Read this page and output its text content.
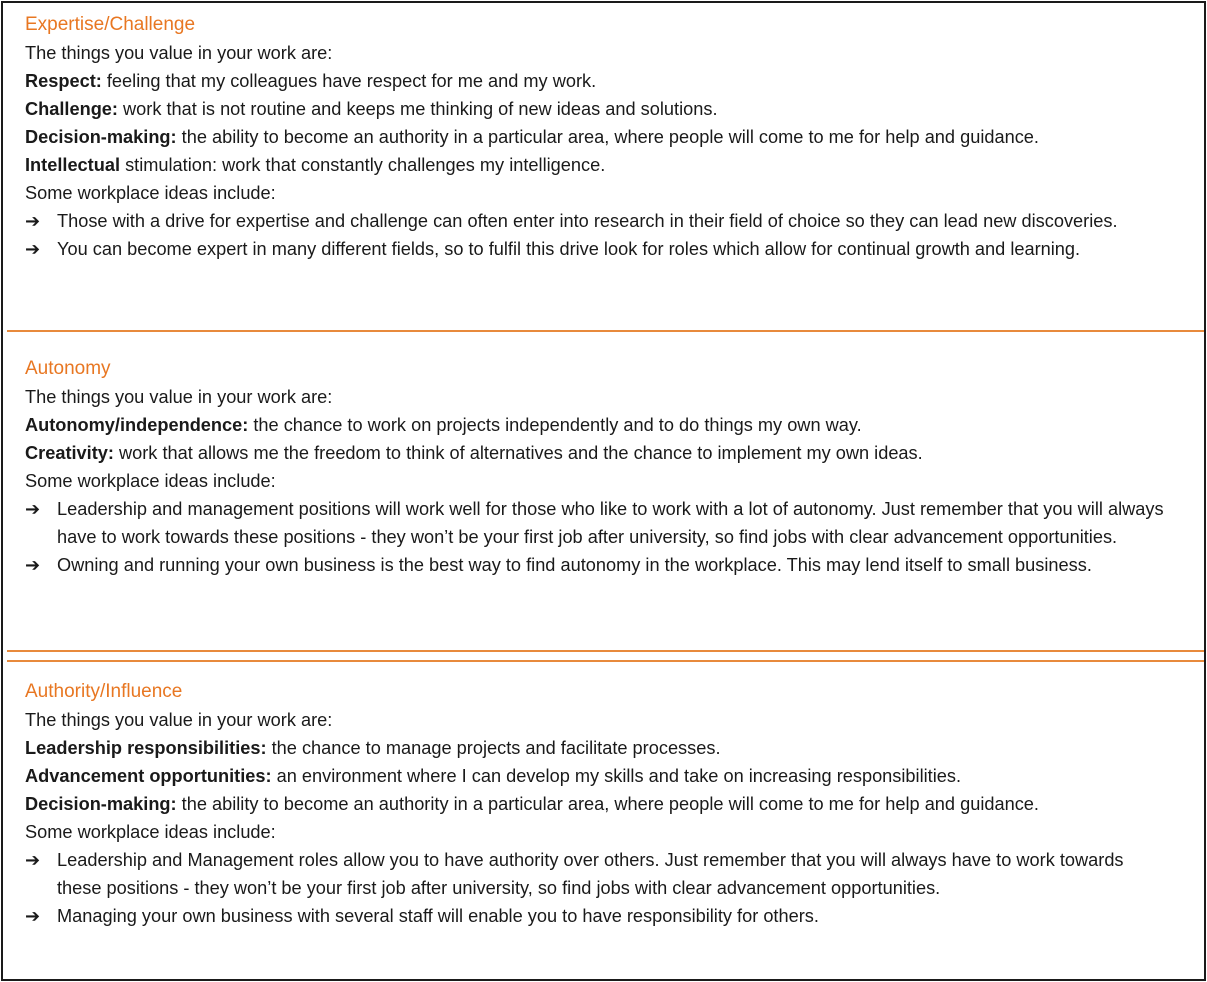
Expertise/Challenge
The things you value in your work are:
Respect: feeling that my colleagues have respect for me and my work.
Challenge: work that is not routine and keeps me thinking of new ideas and solutions.
Decision-making: the ability to become an authority in a particular area, where people will come to me for help and guidance.
Intellectual stimulation: work that constantly challenges my intelligence.
Some workplace ideas include:
➔ Those with a drive for expertise and challenge can often enter into research in their field of choice so they can lead new discoveries.
➔ You can become expert in many different fields, so to fulfil this drive look for roles which allow for continual growth and learning.
Autonomy
The things you value in your work are:
Autonomy/independence: the chance to work on projects independently and to do things my own way.
Creativity: work that allows me the freedom to think of alternatives and the chance to implement my own ideas.
Some workplace ideas include:
➔ Leadership and management positions will work well for those who like to work with a lot of autonomy. Just remember that you will always have to work towards these positions - they won’t be your first job after university, so find jobs with clear advancement opportunities.
➔ Owning and running your own business is the best way to find autonomy in the workplace. This may lend itself to small business.
Authority/Influence
The things you value in your work are:
Leadership responsibilities: the chance to manage projects and facilitate processes.
Advancement opportunities: an environment where I can develop my skills and take on increasing responsibilities.
Decision-making: the ability to become an authority in a particular area, where people will come to me for help and guidance.
Some workplace ideas include:
➔ Leadership and Management roles allow you to have authority over others. Just remember that you will always have to work towards these positions - they won’t be your first job after university, so find jobs with clear advancement opportunities.
➔ Managing your own business with several staff will enable you to have responsibility for others.
